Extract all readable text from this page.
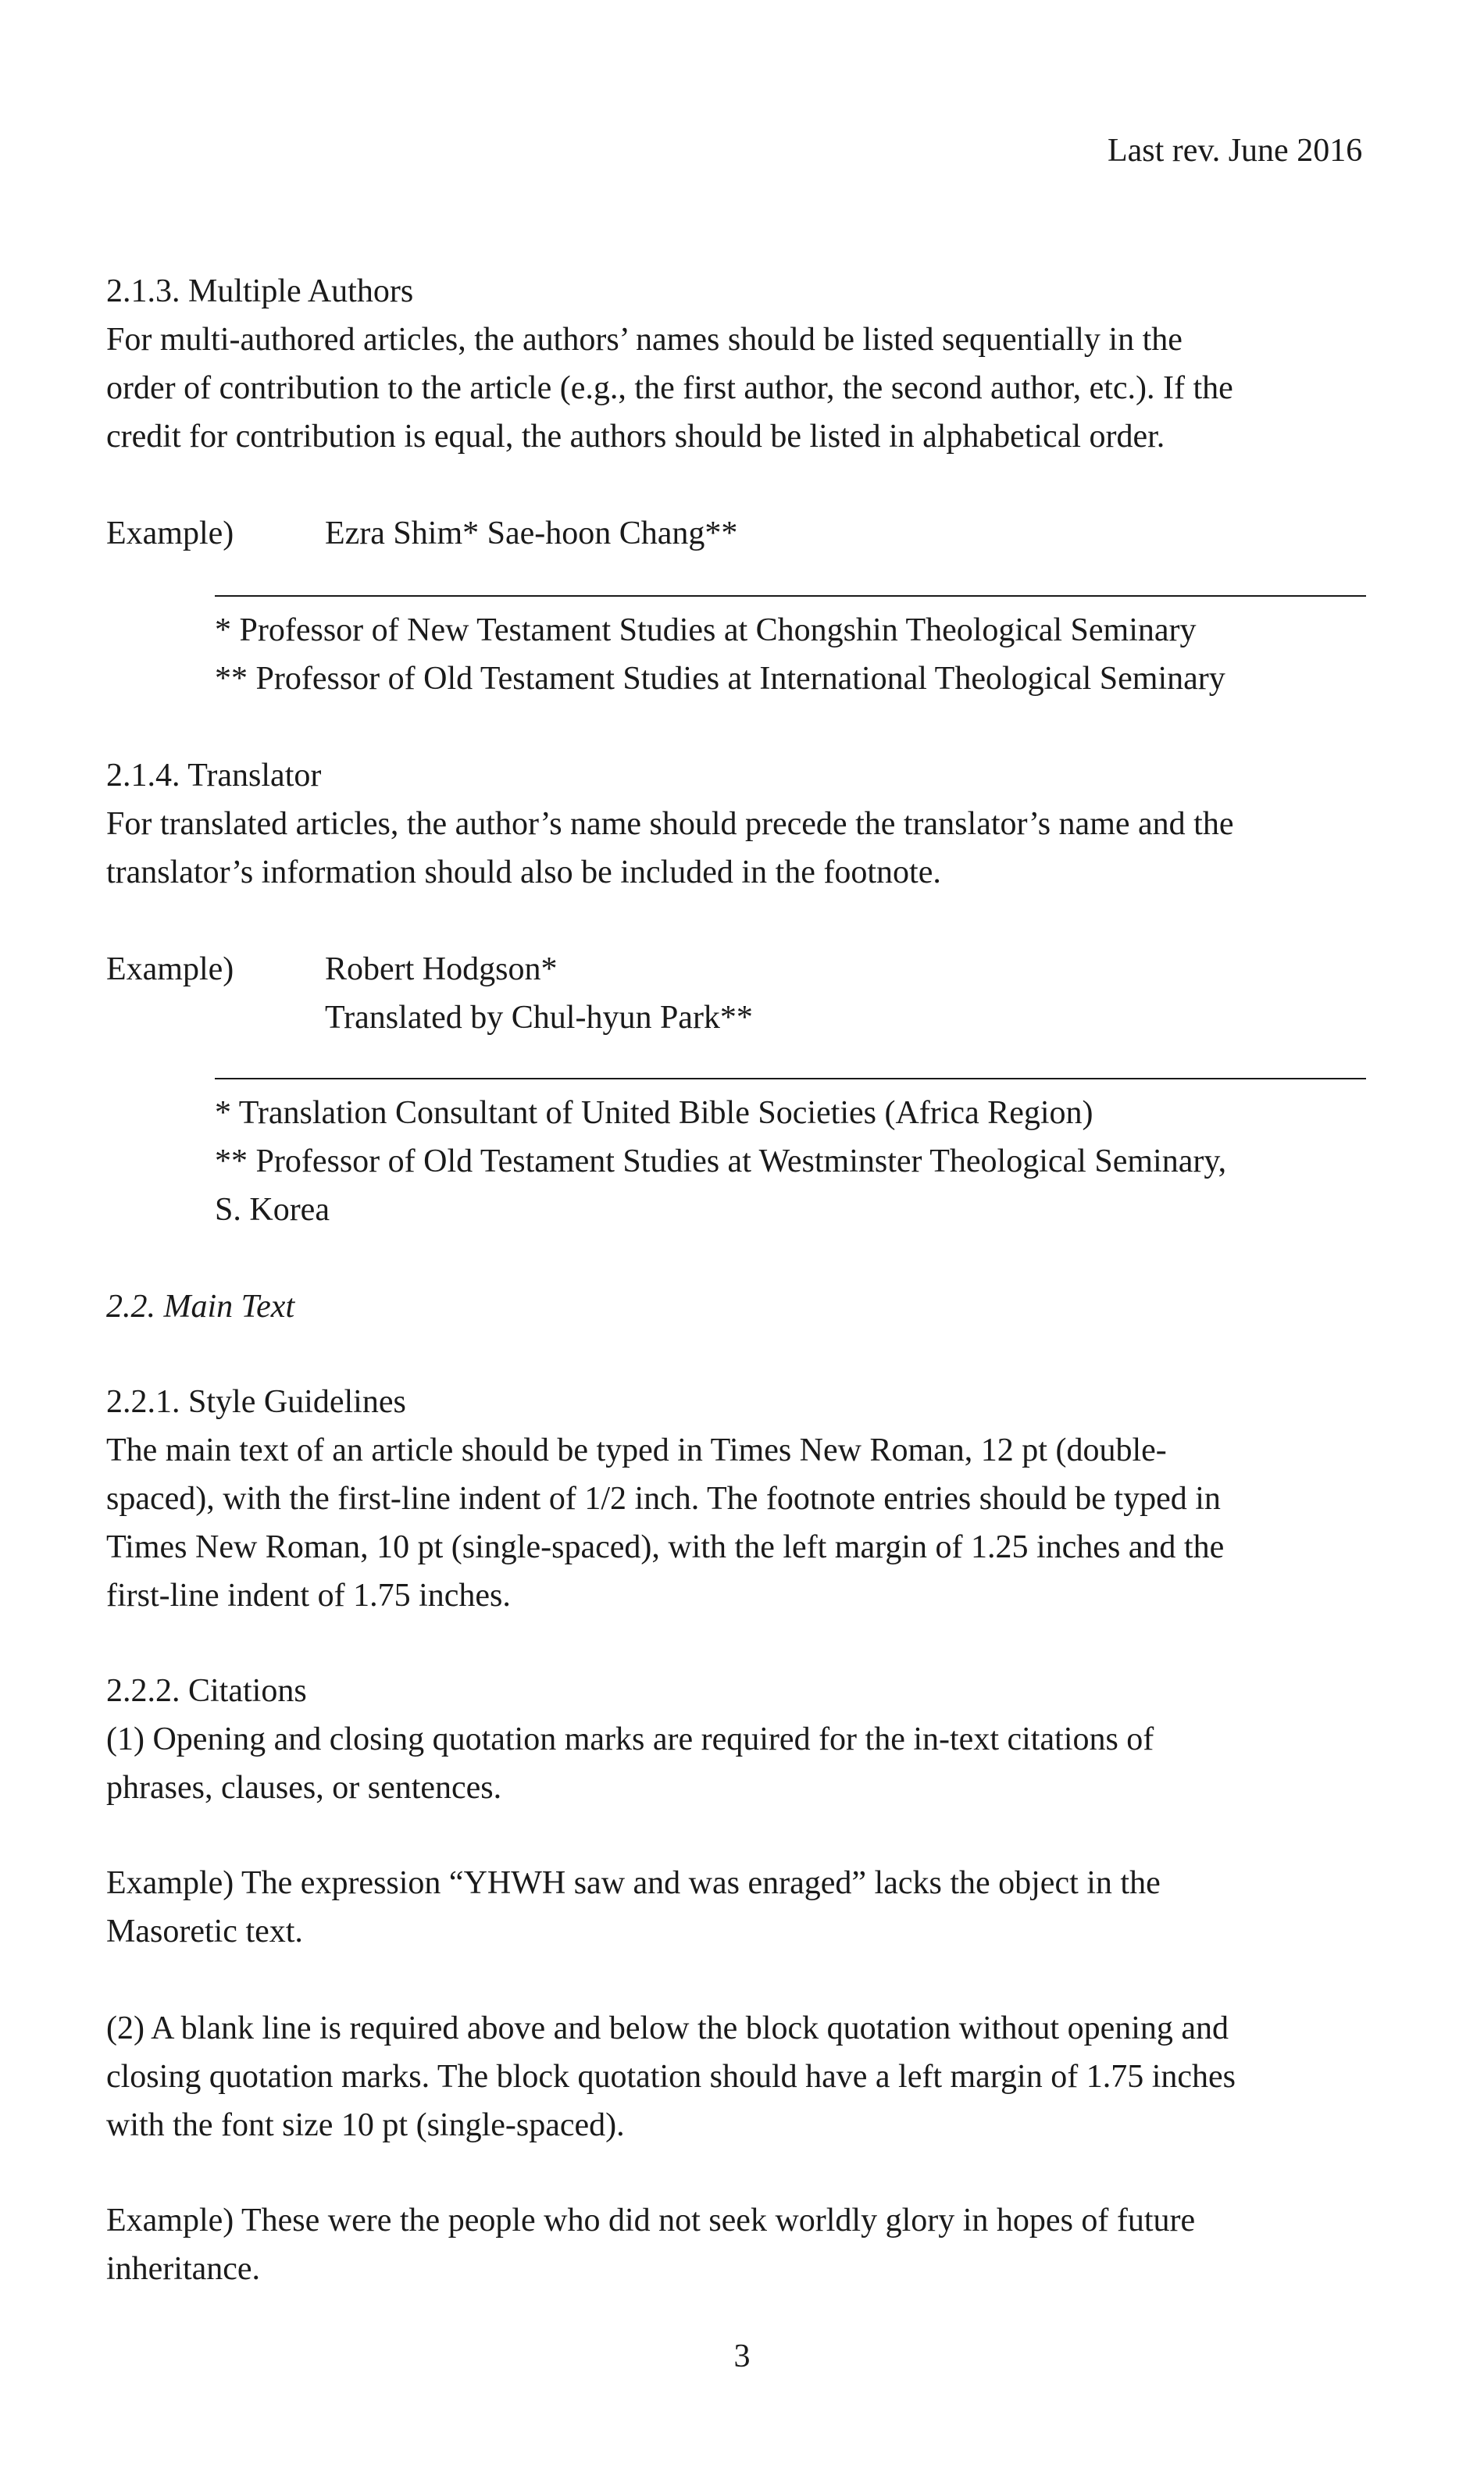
Last rev. June 2016
2.1.3. Multiple Authors
For multi-authored articles, the authors’ names should be listed sequentially in the
order of contribution to the article (e.g., the first author, the second author, etc.). If the
credit for contribution is equal, the authors should be listed in alphabetical order.
Example)	Ezra Shim* Sae-hoon Chang**
* Professor of New Testament Studies at Chongshin Theological Seminary
** Professor of Old Testament Studies at International Theological Seminary
2.1.4. Translator
For translated articles, the author’s name should precede the translator’s name and the
translator’s information should also be included in the footnote.
Example)	Robert Hodgson*
Translated by Chul-hyun Park**
* Translation Consultant of United Bible Societies (Africa Region)
** Professor of Old Testament Studies at Westminster Theological Seminary,
S. Korea
2.2. Main Text
2.2.1. Style Guidelines
The main text of an article should be typed in Times New Roman, 12 pt (double-
spaced), with the first-line indent of 1/2 inch. The footnote entries should be typed in
Times New Roman, 10 pt (single-spaced), with the left margin of 1.25 inches and the
first-line indent of 1.75 inches.
2.2.2. Citations
(1) Opening and closing quotation marks are required for the in-text citations of
phrases, clauses, or sentences.
Example) The expression “YHWH saw and was enraged” lacks the object in the
Masoretic text.
(2) A blank line is required above and below the block quotation without opening and
closing quotation marks. The block quotation should have a left margin of 1.75 inches
with the font size 10 pt (single-spaced).
Example) These were the people who did not seek worldly glory in hopes of future
inheritance.
3
